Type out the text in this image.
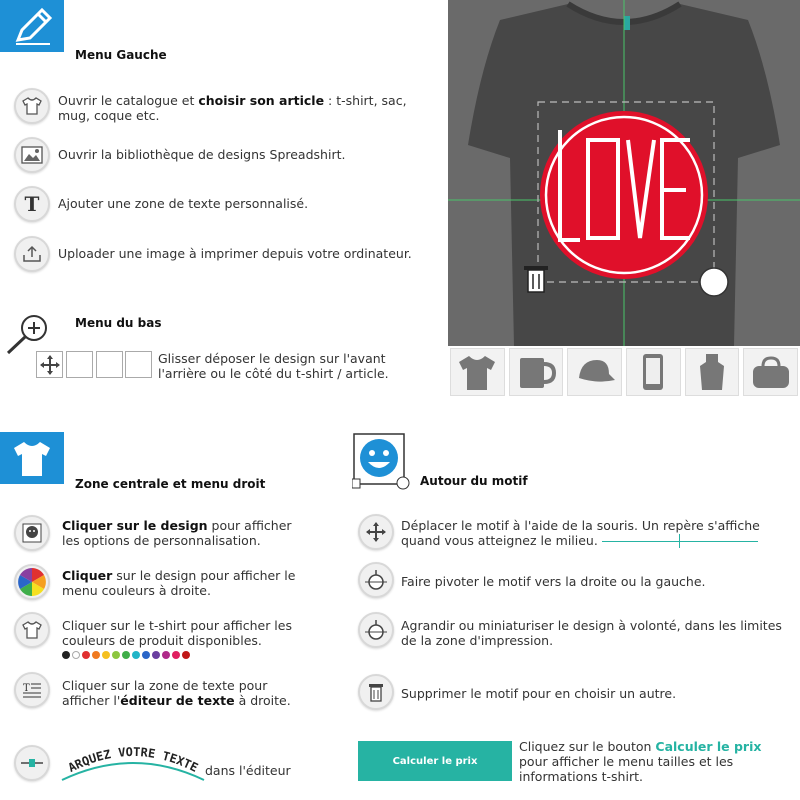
Menu Gauche
Ouvrir le catalogue et choisir son article : t-shirt, sac, mug, coque etc.
Ouvrir la bibliothèque de designs Spreadshirt.
T Ajouter une zone de texte personnalisé.
Uploader une image à imprimer depuis votre ordinateur.
Menu du bas
Glisser déposer le design sur l'avant l'arrière ou le côté du t-shirt / article.
Zone centrale et menu droit
Cliquer sur le design pour afficher les options de personnalisation.
Cliquer sur le design pour afficher le menu couleurs à droite.
Cliquer sur le t-shirt pour afficher les couleurs de produit disponibles.
T	Cliquer sur la zone de texte pour afficher l'éditeur de texte à droite.
ARQUEZ VOTRE TEXTE dans l'éditeur
Autour du motif
Déplacer le motif à l'aide de la souris. Un repère s'affiche quand vous atteignez le milieu.
Faire pivoter le motif vers la droite ou la gauche.
Agrandir ou miniaturiser le design à volonté, dans les limites de la zone d'impression.
Supprimer le motif pour en choisir un autre.
Calculer le prix
Cliquez sur le bouton Calculer le prix pour afficher le menu tailles et les informations t-shirt.
